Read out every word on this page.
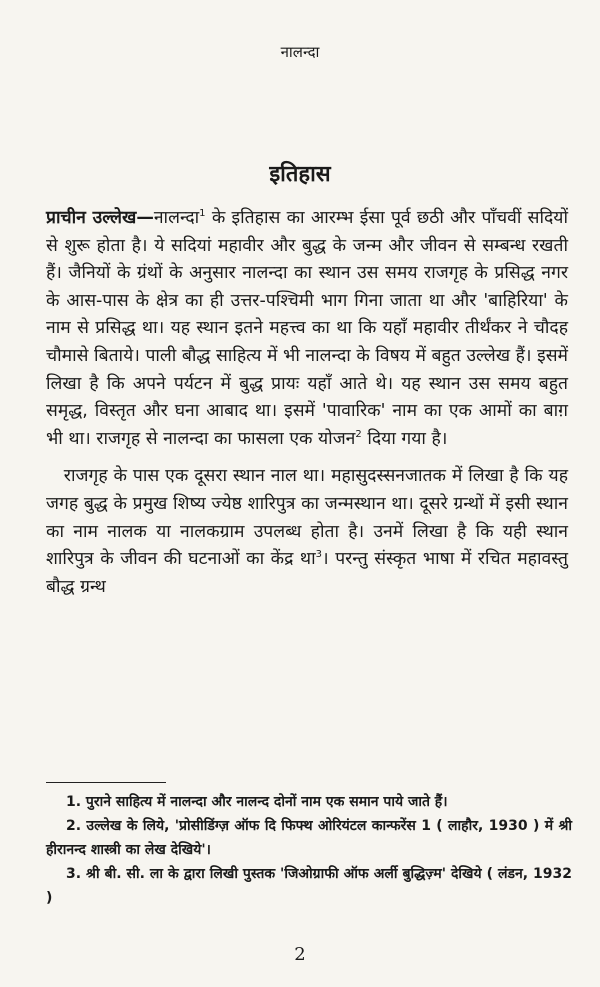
नालन्दा
इतिहास

प्राचीन उल्लेख—नालन्दा$^1$ के इतिहास का आरम्भ ईसा पूर्व छठी और पाँचवीं सदियों से शुरू होता है। ये सदियां महावीर और बुद्ध के जन्म और जीवन से सम्बन्ध रखती हैं। जैनियों के ग्रंथों के अनुसार नालन्दा का स्थान उस समय राजगृह के प्रसिद्ध नगर के आस-पास के क्षेत्र का ही उत्तर-पश्चिमी भाग गिना जाता था और 'बाहिरिया' के नाम से प्रसिद्ध था। यह स्थान इतने महत्त्व का था कि यहाँ महावीर तीर्थंकर ने चौदह चौमासे बिताये। पाली बौद्ध साहित्य में भी नालन्दा के विषय में बहुत उल्लेख हैं। इसमें लिखा है कि अपने पर्यटन में बुद्ध प्रायः यहाँ आते थे। यह स्थान उस समय बहुत समृद्ध, विस्तृत और घना आबाद था। इसमें 'पावारिक' नाम का एक आमों का बाग़ भी था। राजगृह से नालन्दा का फासला एक योजन$^2$ दिया गया है।

राजगृह के पास एक दूसरा स्थान नाल था। महासुदस्सनजातक में लिखा है कि यह जगह बुद्ध के प्रमुख शिष्य ज्येष्ठ शारिपुत्र का जन्मस्थान था। दूसरे ग्रन्थों में इसी स्थान का नाम नालक या नालकग्राम उपलब्ध होता है। उनमें लिखा है कि यही स्थान शारिपुत्र के जीवन की घटनाओं का केंद्र था$^3$। परन्तु संस्कृत भाषा में रचित महावस्तु बौद्ध ग्रन्थ

1. पुराने साहित्य में नालन्दा और नालन्द दोनों नाम एक समान पाये जाते हैं।

2. उल्लेख के लिये, 'प्रोसीडिंग्ज़ ऑफ दि फिफ्थ ओरियंटल कान्फरेंस 1 ( लाहौर, 1930 ) में श्री हीरानन्द शास्त्री का लेख देखिये'।

3. श्री बी. सी. ला के द्वारा लिखी पुस्तक 'जिओग्राफी ऑफ अर्ली बुद्धिज़्म' देखिये ( लंडन, 1932 )

2
